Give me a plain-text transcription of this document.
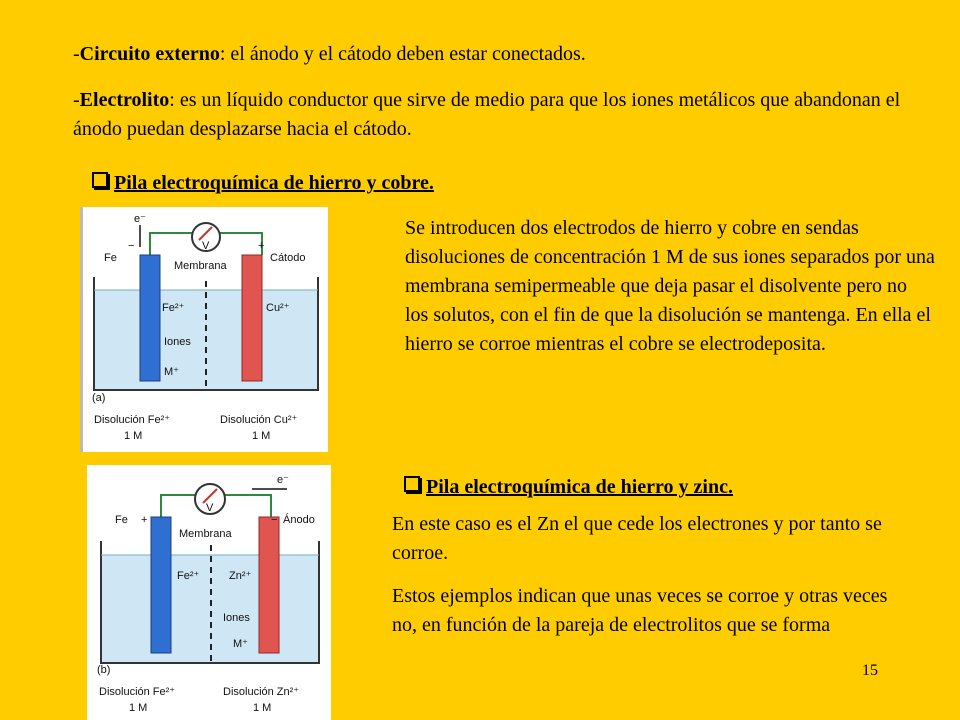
-Circuito externo: el ánodo y el cátodo deben estar conectados.
-Electrolito: es un líquido conductor que sirve de medio para que los iones metálicos que abandonan el ánodo puedan desplazarse hacia el cátodo.
Pila electroquímica de hierro y cobre.
V
e⁻
Fe
−	+
Cátodo
Membrana
Fe²⁺	Cu²⁺
Iones
M⁺
(a)
Disolución Fe²⁺
1 M
Disolución Cu²⁺
1 M
Se introducen dos electrodos de hierro y cobre en sendas disoluciones de concentración 1 M de sus iones separados por una membrana semipermeable que deja pasar el disolvente pero no los solutos, con el fin de que la disolución se mantenga. En ella el hierro se corroe mientras el cobre se electrodeposita.
V
e⁻
Fe +	− Ánodo
Membrana
Fe²⁺	Zn²⁺
Iones
M⁺
(b)
Disolución Fe²⁺
1 M
Disolución Zn²⁺
1 M
Pila electroquímica de hierro y zinc.
En este caso es el Zn el que cede los electrones y por tanto se corroe.
Estos ejemplos indican que unas veces se corroe y otras veces no, en función de la pareja de electrolitos que se forma
15
